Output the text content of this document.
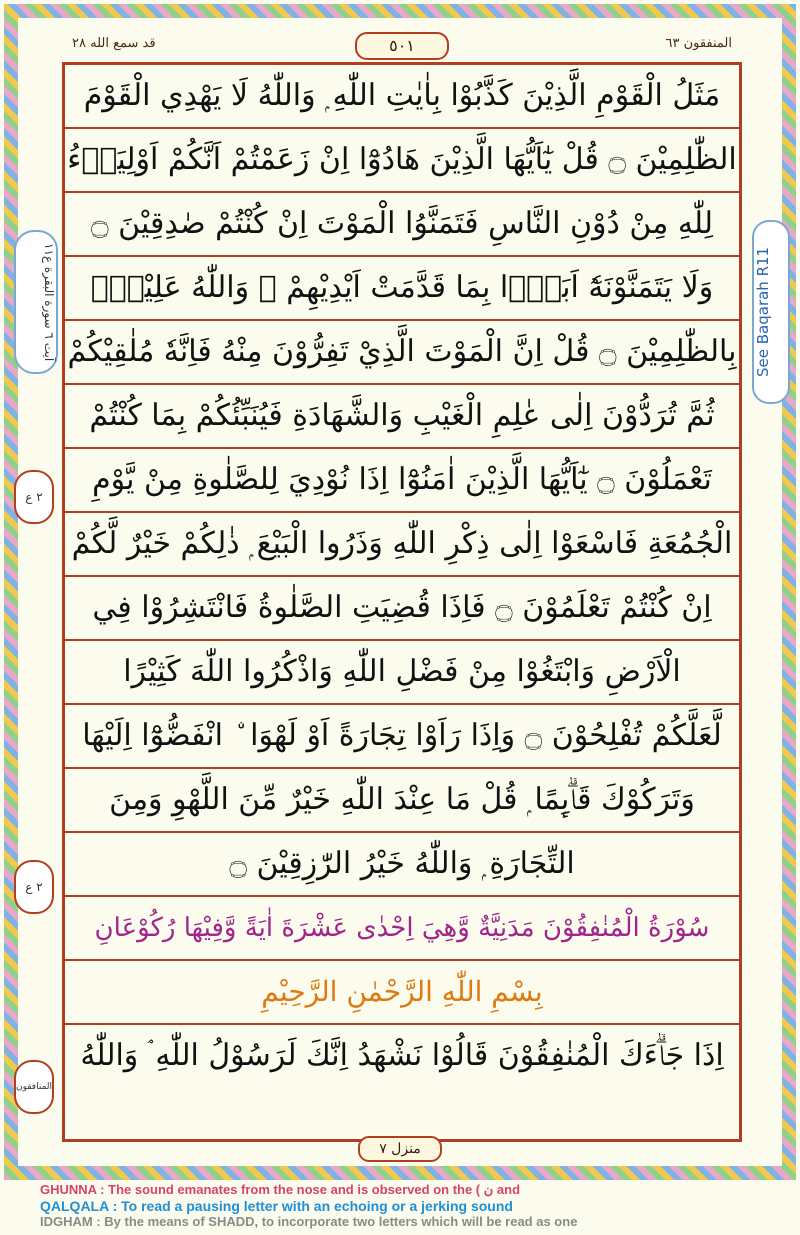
قد سمع الله ٢٨	٥٠١	المنفقون ٦٣
مَثَلُ الْقَوْمِ الَّذِيْنَ كَذَّبُوْا بِاٰيٰتِ اللّٰهِ ۭ وَاللّٰهُ لَا يَهْدِي الْقَوْمَ
الظّٰلِمِيْنَ ۝ قُلْ يٰٓاَيُّهَا الَّذِيْنَ هَادُوْٓا اِنْ زَعَمْتُمْ اَنَّكُمْ اَوْلِيَاۗءُ
لِلّٰهِ مِنْ دُوْنِ النَّاسِ فَتَمَنَّوُا الْمَوْتَ اِنْ كُنْتُمْ صٰدِقِيْنَ ۝
وَلَا يَتَمَنَّوْنَهٗٓ اَبَدًۢا بِمَا قَدَّمَتْ اَيْدِيْهِمْ ۭ وَاللّٰهُ عَلِيْمٌۢ
بِالظّٰلِمِيْنَ ۝ قُلْ اِنَّ الْمَوْتَ الَّذِيْ تَفِرُّوْنَ مِنْهُ فَاِنَّهٗ مُلٰقِيْكُمْ
ثُمَّ تُرَدُّوْنَ اِلٰى عٰلِمِ الْغَيْبِ وَالشَّهَادَةِ فَيُنَبِّئُكُمْ بِمَا كُنْتُمْ
تَعْمَلُوْنَ ۝ يٰٓاَيُّهَا الَّذِيْنَ اٰمَنُوْٓا اِذَا نُوْدِيَ لِلصَّلٰوةِ مِنْ يَّوْمِ
الْجُمُعَةِ فَاسْعَوْا اِلٰى ذِكْرِ اللّٰهِ وَذَرُوا الْبَيْعَ ۭ ذٰلِكُمْ خَيْرٌ لَّكُمْ
اِنْ كُنْتُمْ تَعْلَمُوْنَ ۝ فَاِذَا قُضِيَتِ الصَّلٰوةُ فَانْتَشِرُوْا فِي
الْاَرْضِ وَابْتَغُوْا مِنْ فَضْلِ اللّٰهِ وَاذْكُرُوا اللّٰهَ كَثِيْرًا
لَّعَلَّكُمْ تُفْلِحُوْنَ ۝ وَاِذَا رَاَوْا تِجَارَةً اَوْ لَهْوَا ۨ انْفَضُّوْٓا اِلَيْهَا
وَتَرَكُوْكَ قَاۗىِٕمًا ۭ قُلْ مَا عِنْدَ اللّٰهِ خَيْرٌ مِّنَ اللَّهْوِ وَمِنَ
التِّجَارَةِ ۭ وَاللّٰهُ خَيْرُ الرّٰزِقِيْنَ ۝
سُوْرَةُ الْمُنٰفِقُوْنَ مَدَنِيَّةٌ وَّهِيَ اِحْدٰى عَشْرَةَ اٰيَةً وَّفِيْهَا رُكُوْعَانِ
بِسْمِ اللّٰهِ الرَّحْمٰنِ الرَّحِيْمِ
اِذَا جَاۗءَكَ الْمُنٰفِقُوْنَ قَالُوْا نَشْهَدُ اِنَّكَ لَرَسُوْلُ اللّٰهِ ۘ وَاللّٰهُ
آیت ٦ سورة البقرة ع١١	See Baqarah R11
٢ ع
٢ ع
المنافقون
منزل ٧
GHUNNA : The sound emanates from the nose and is observed on the ( ن and
QALQALA : To read a pausing letter with an echoing or a jerking sound
IDGHAM : By the means of SHADD, to incorporate two letters which will be read as one
